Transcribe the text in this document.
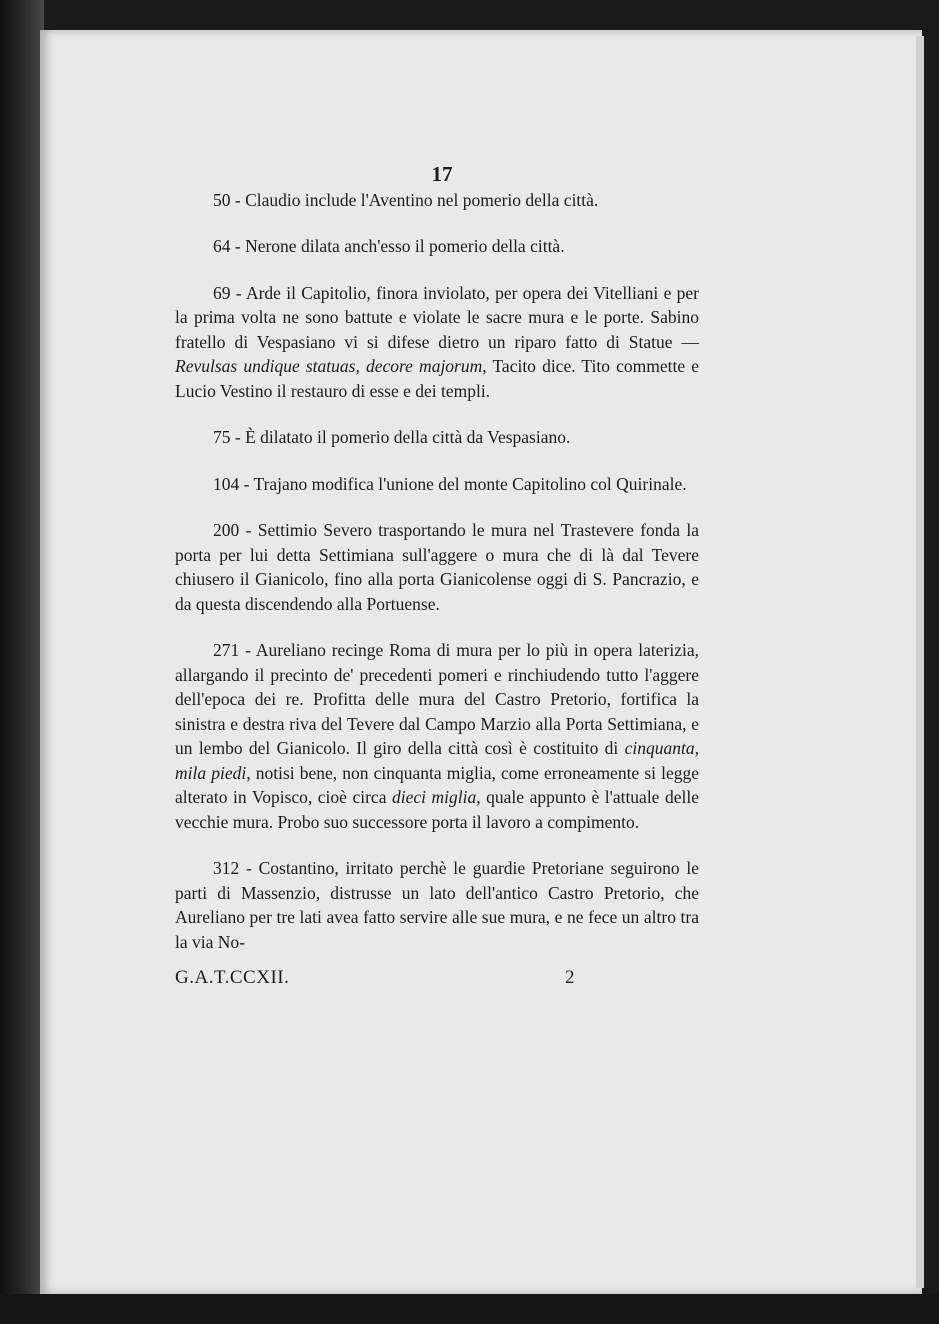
17

50 - Claudio include l'Aventino nel pomerio della città.

64 - Nerone dilata anch'esso il pomerio della città.

69 - Arde il Capitolio, finora inviolato, per opera dei Vitelliani e per la prima volta ne sono battute e violate le sacre mura e le porte. Sabino fratello di Vespasiano vi si difese dietro un riparo fatto di Statue — Revulsas undique statuas, decore majorum, Tacito dice. Tito commette e Lucio Vestino il restauro di esse e dei templi.

75 - È dilatato il pomerio della città da Vespasiano.

104 - Trajano modifica l'unione del monte Capitolino col Quirinale.

200 - Settimio Severo trasportando le mura nel Trastevere fonda la porta per lui detta Settimiana sull'aggere o mura che di là dal Tevere chiusero il Gianicolo, fino alla porta Gianicolense oggi di S. Pancrazio, e da questa discendendo alla Portuense.

271 - Aureliano recinge Roma di mura per lo più in opera laterizia, allargando il precinto de' precedenti pomeri e rinchiudendo tutto l'aggere dell'epoca dei re. Profitta delle mura del Castro Pretorio, fortifica la sinistra e destra riva del Tevere dal Campo Marzio alla Porta Settimiana, e un lembo del Gianicolo. Il giro della città così è costituito di cinquanta, mila piedi, notisi bene, non cinquanta miglia, come erroneamente si legge alterato in Vopisco, cioè circa dieci miglia, quale appunto è l'attuale delle vecchie mura. Probo suo successore porta il lavoro a compimento.

312 - Costantino, irritato perchè le guardie Pretoriane seguirono le parti di Massenzio, distrusse un lato dell'antico Castro Pretorio, che Aureliano per tre lati avea fatto servire alle sue mura, e ne fece un altro tra la via No-

G.A.T.CCXII.	2
